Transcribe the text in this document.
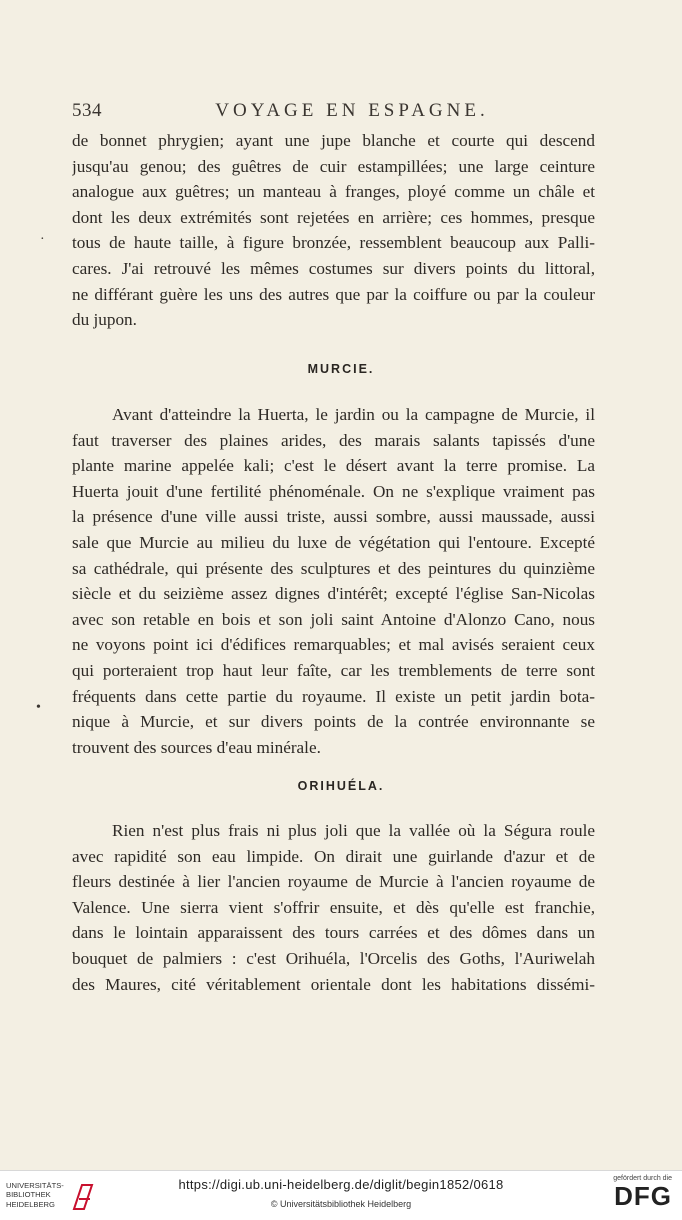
534	VOYAGE EN ESPAGNE.
de bonnet phrygien; ayant une jupe blanche et courte qui descend
jusqu'au genou; des guêtres de cuir estampillées; une large ceinture
analogue aux guêtres; un manteau à franges, ployé comme un châle et
dont les deux extrémités sont rejetées en arrière; ces hommes, presque
tous de haute taille, à figure bronzée, ressemblent beaucoup aux Palli-
cares. J'ai retrouvé les mêmes costumes sur divers points du littoral,
ne différant guère les uns des autres que par la coiffure ou par la couleur
du jupon.
MURCIE.
Avant d'atteindre la Huerta, le jardin ou la campagne de Murcie, il
faut traverser des plaines arides, des marais salants tapissés d'une
plante marine appelée kali; c'est le désert avant la terre promise. La
Huerta jouit d'une fertilité phénoménale. On ne s'explique vraiment pas
la présence d'une ville aussi triste, aussi sombre, aussi maussade, aussi
sale que Murcie au milieu du luxe de végétation qui l'entoure. Excepté
sa cathédrale, qui présente des sculptures et des peintures du quinzième
siècle et du seizième assez dignes d'intérêt; excepté l'église San-Nicolas
avec son retable en bois et son joli saint Antoine d'Alonzo Cano, nous
ne voyons point ici d'édifices remarquables; et mal avisés seraient ceux
qui porteraient trop haut leur faîte, car les tremblements de terre sont
fréquents dans cette partie du royaume. Il existe un petit jardin bota-
nique à Murcie, et sur divers points de la contrée environnante se
trouvent des sources d'eau minérale.
ORIHUÉLA.
Rien n'est plus frais ni plus joli que la vallée où la Ségura roule
avec rapidité son eau limpide. On dirait une guirlande d'azur et de
fleurs destinée à lier l'ancien royaume de Murcie à l'ancien royaume de
Valence. Une sierra vient s'offrir ensuite, et dès qu'elle est franchie,
dans le lointain apparaissent des tours carrées et des dômes dans un
bouquet de palmiers : c'est Orihuéla, l'Orcelis des Goths, l'Auriwelah
des Maures, cité véritablement orientale dont les habitations dissémi-
·
•
UNIVERSITÄTS-
BIBLIOTHEK
HEIDELBERG
https://digi.ub.uni-heidelberg.de/diglit/begin1852/0618
© Universitätsbibliothek Heidelberg
gefördert durch die
DFG
